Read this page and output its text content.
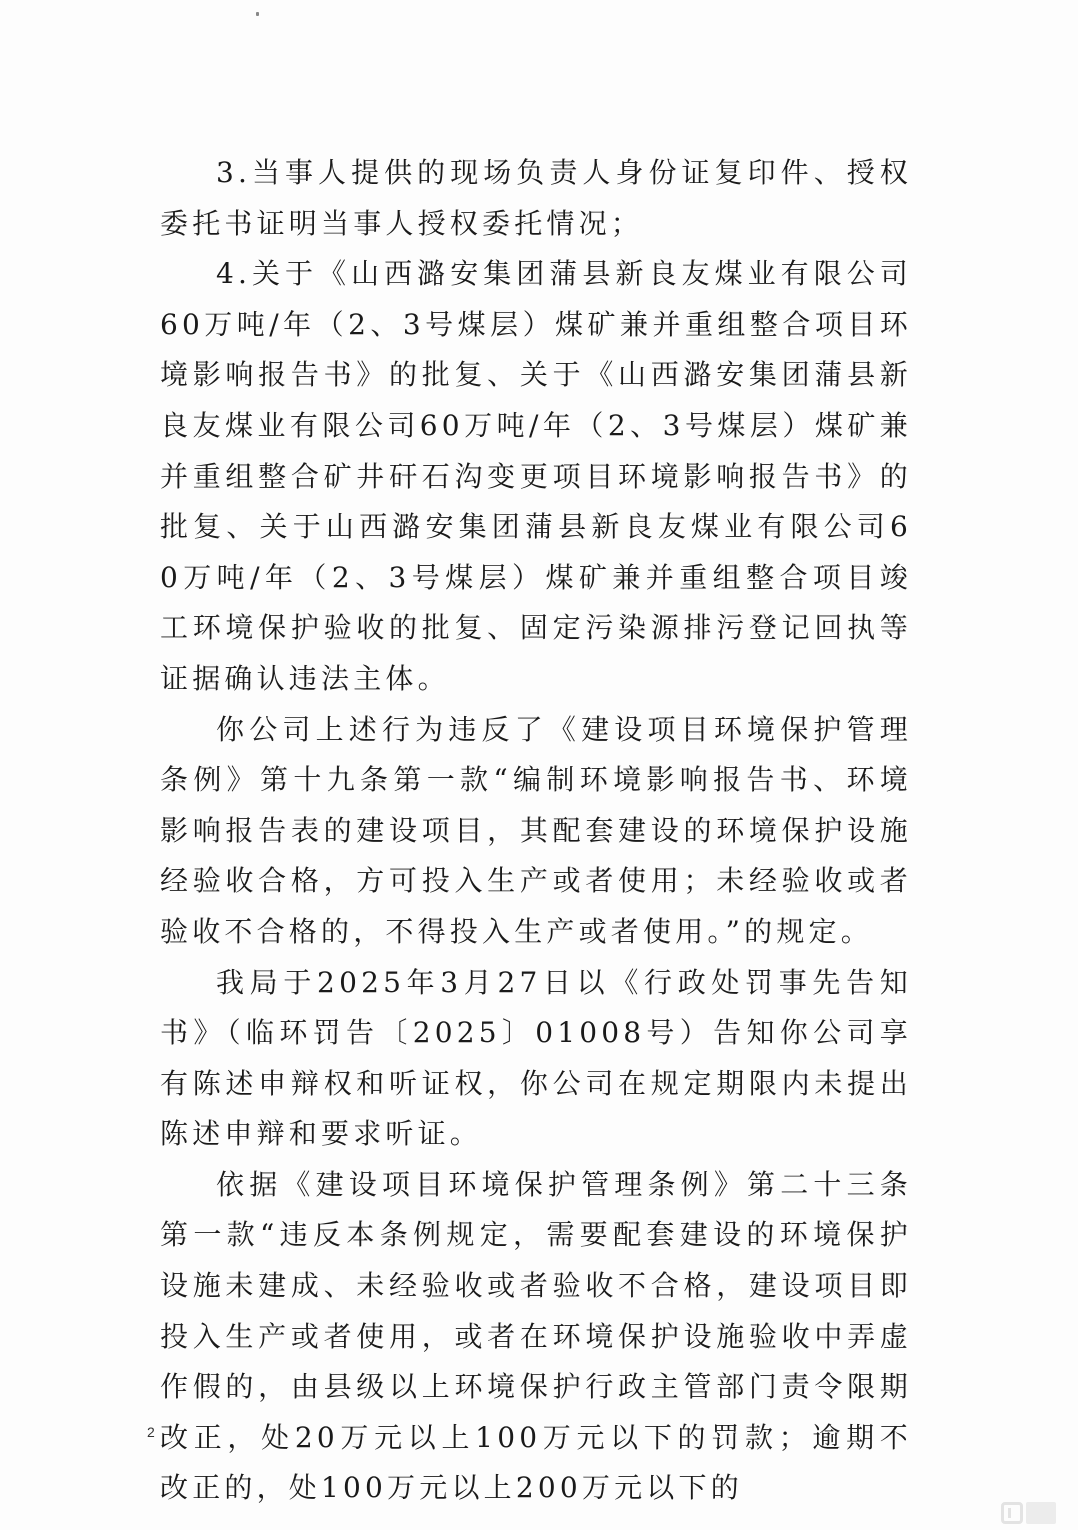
3.当事人提供的现场负责人身份证复印件、授权委托书证明当事人授权委托情况；

4.关于《山西潞安集团蒲县新良友煤业有限公司60万吨/年（2、3号煤层）煤矿兼并重组整合项目环境影响报告书》的批复、关于《山西潞安集团蒲县新良友煤业有限公司60万吨/年（2、3号煤层）煤矿兼并重组整合矿井矸石沟变更项目环境影响报告书》的批复、关于山西潞安集团蒲县新良友煤业有限公司60万吨/年（2、3号煤层）煤矿兼并重组整合项目竣工环境保护验收的批复、固定污染源排污登记回执等证据确认违法主体。

你公司上述行为违反了《建设项目环境保护管理条例》第十九条第一款“编制环境影响报告书、环境影响报告表的建设项目，其配套建设的环境保护设施经验收合格，方可投入生产或者使用；未经验收或者验收不合格的，不得投入生产或者使用。”的规定。

我局于2025年3月27日以《行政处罚事先告知书》（临环罚告〔2025〕01008号）告知你公司享有陈述申辩权和听证权，你公司在规定期限内未提出陈述申辩和要求听证。

依据《建设项目环境保护管理条例》第二十三条第一款“违反本条例规定，需要配套建设的环境保护设施未建成、未经验收或者验收不合格，建设项目即投入生产或者使用，或者在环境保护设施验收中弄虚作假的，由县级以上环境保护行政主管部门责令限期改正，处20万元以上100万元以下的罚款；逾期不改正的，处100万元以上200万元以下的

2
